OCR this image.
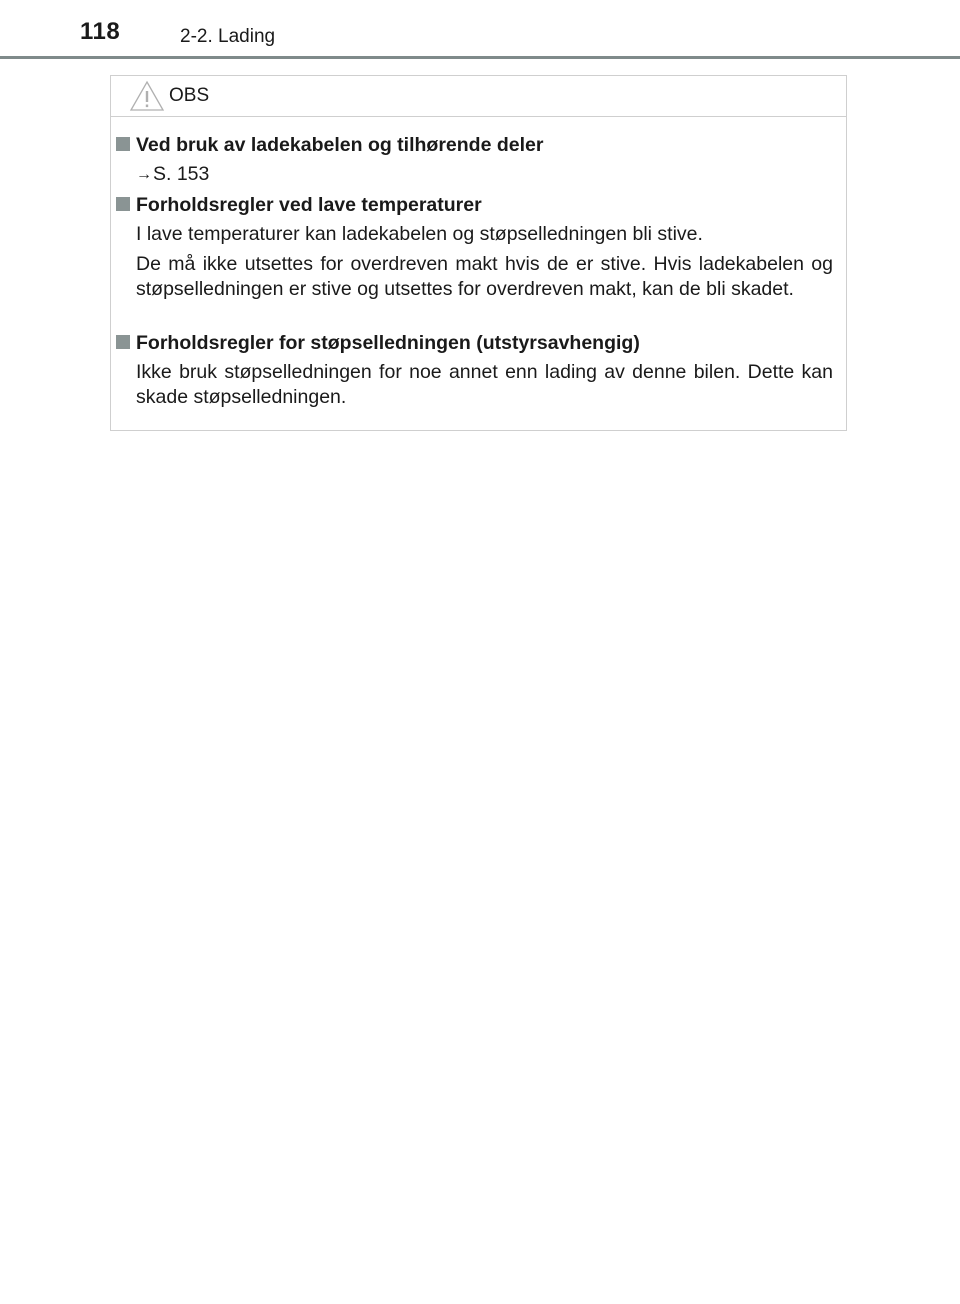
118	2-2. Lading
OBS
Ved bruk av ladekabelen og tilhørende deler
→S. 153
Forholdsregler ved lave temperaturer
I lave temperaturer kan ladekabelen og støpselledningen bli stive.
De må ikke utsettes for overdreven makt hvis de er stive. Hvis ladekabelen og støpselledningen er stive og utsettes for overdreven makt, kan de bli skadet.
Forholdsregler for støpselledningen (utstyrsavhengig)
Ikke bruk støpselledningen for noe annet enn lading av denne bilen. Dette kan skade støpselledningen.
